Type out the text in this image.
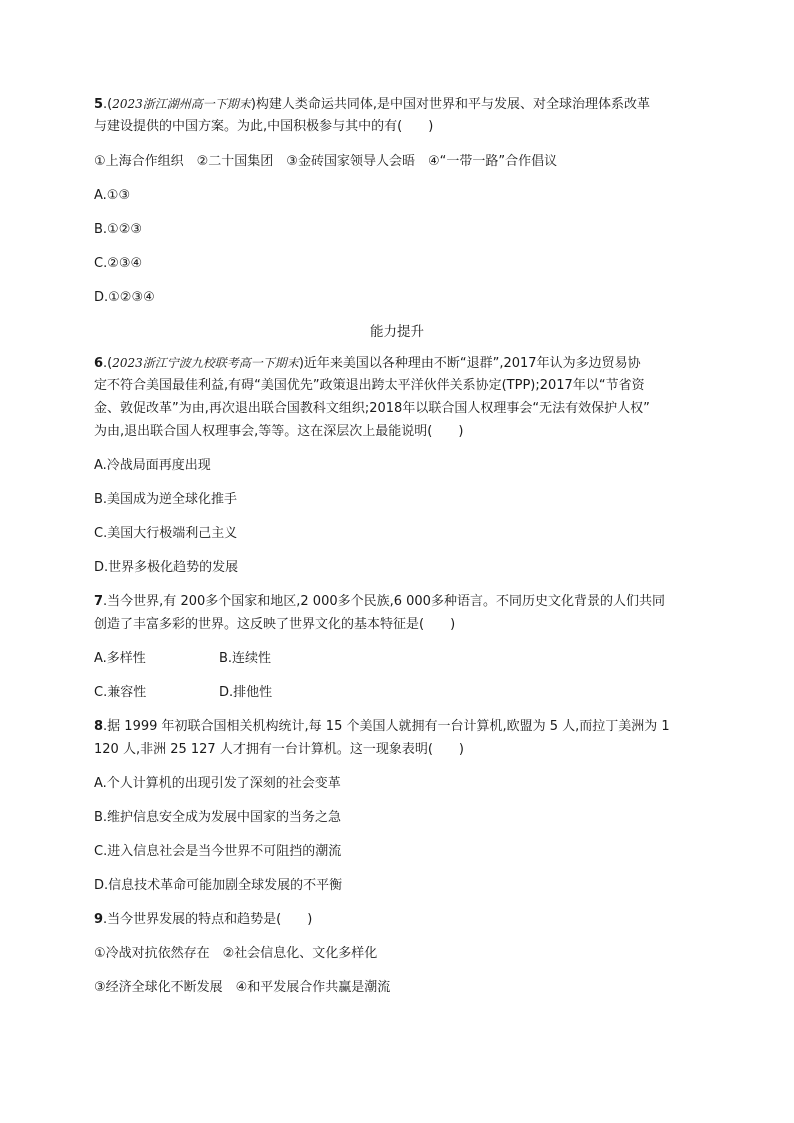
5.(2023浙江湖州高一下期末)构建人类命运共同体,是中国对世界和平与发展、对全球治理体系改革
与建设提供的中国方案。为此,中国积极参与其中的有(　　)
①上海合作组织　②二十国集团　③金砖国家领导人会晤　④“一带一路”合作倡议
A.①③
B.①②③
C.②③④
D.①②③④
能力提升
6.(2023浙江宁波九校联考高一下期末)近年来美国以各种理由不断“退群”,2017年认为多边贸易协
定不符合美国最佳利益,有碍“美国优先”政策退出跨太平洋伙伴关系协定(TPP);2017年以“节省资
金、敦促改革”为由,再次退出联合国教科文组织;2018年以联合国人权理事会“无法有效保护人权”
为由,退出联合国人权理事会,等等。这在深层次上最能说明(　　)
A.冷战局面再度出现
B.美国成为逆全球化推手
C.美国大行极端利己主义
D.世界多极化趋势的发展
7.当今世界,有 200多个国家和地区,2 000多个民族,6 000多种语言。不同历史文化背景的人们共同
创造了丰富多彩的世界。这反映了世界文化的基本特征是(　　)
A.多样性	B.连续性
C.兼容性	D.排他性
8.据 1999 年初联合国相关机构统计,每 15 个美国人就拥有一台计算机,欧盟为 5 人,而拉丁美洲为 1
120 人,非洲 25 127 人才拥有一台计算机。这一现象表明(　　)
A.个人计算机的出现引发了深刻的社会变革
B.维护信息安全成为发展中国家的当务之急
C.进入信息社会是当今世界不可阻挡的潮流
D.信息技术革命可能加剧全球发展的不平衡
9.当今世界发展的特点和趋势是(　　)
①冷战对抗依然存在　②社会信息化、文化多样化
③经济全球化不断发展　④和平发展合作共赢是潮流
